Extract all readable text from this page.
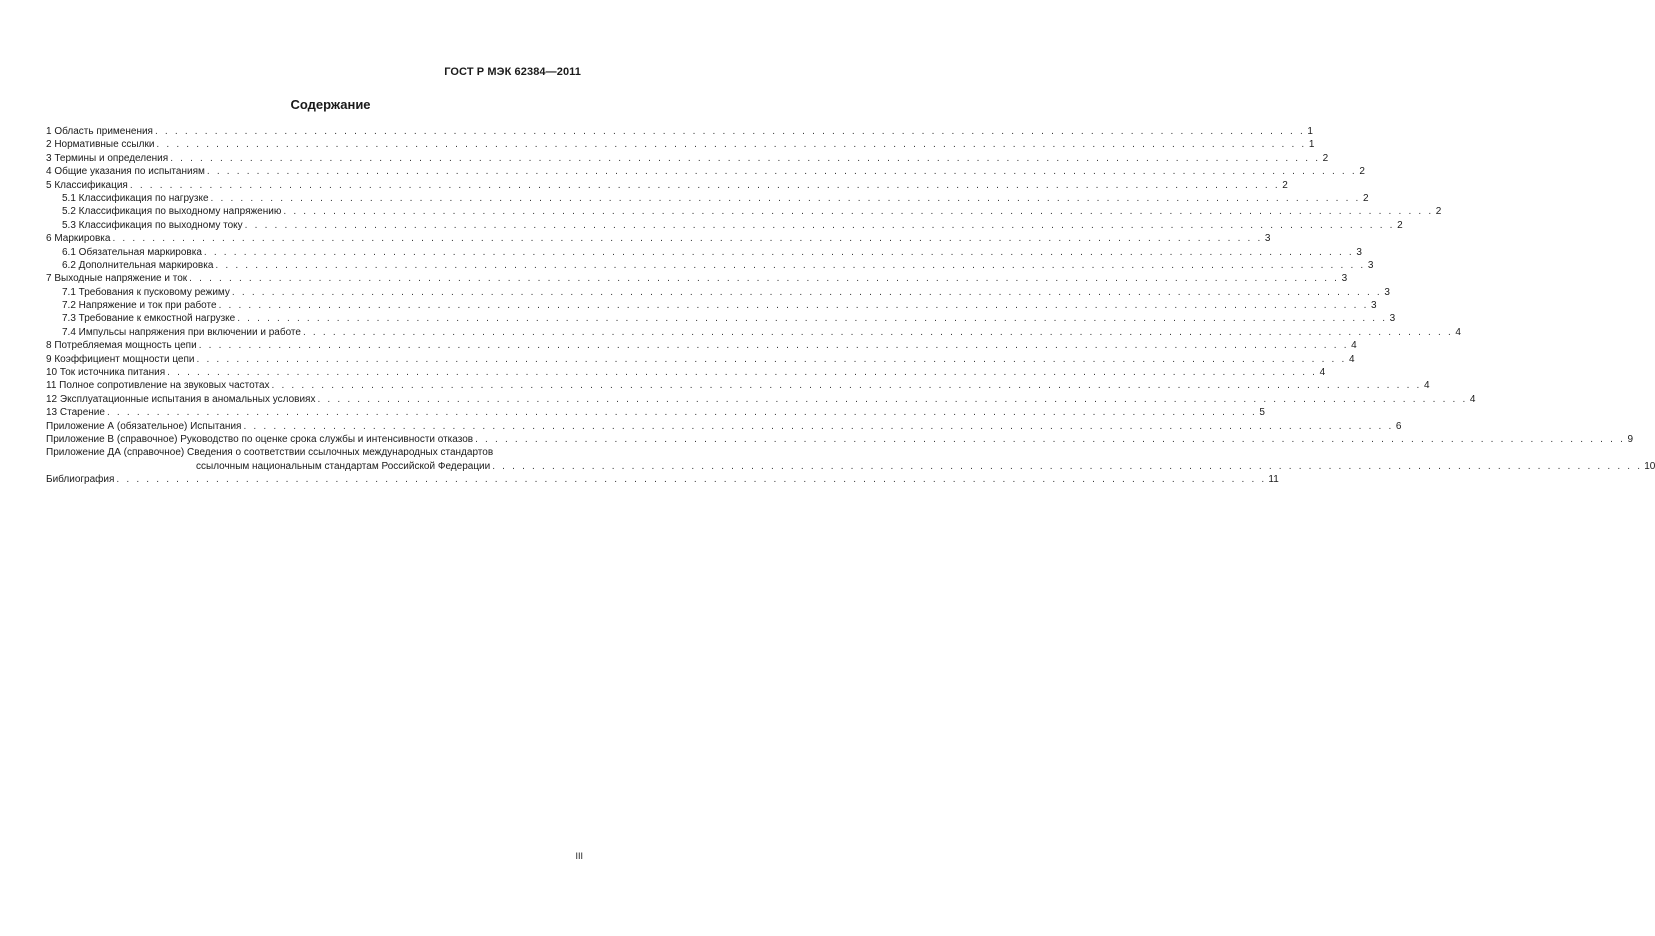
ГОСТ Р МЭК 62384—2011
Содержание
1 Область применения . . .	1
2 Нормативные ссылки . . .	1
3 Термины и определения . . .	2
4 Общие указания по испытаниям . . .	2
5 Классификация . . .	2
5.1 Классификация по нагрузке . . .	2
5.2 Классификация по выходному напряжению . . .	2
5.3 Классификация по выходному току . . .	2
6 Маркировка . . .	3
6.1 Обязательная маркировка . . .	3
6.2 Дополнительная маркировка . . .	3
7 Выходные напряжение и ток . . .	3
7.1 Требования к пусковому режиму . . .	3
7.2 Напряжение и ток при работе . . .	3
7.3 Требование к емкостной нагрузке . . .	3
7.4 Импульсы напряжения при включении и работе . . .	4
8 Потребляемая мощность цепи . . .	4
9 Коэффициент мощности цепи . . .	4
10 Ток источника питания . . .	4
11 Полное сопротивление на звуковых частотах . . .	4
12 Эксплуатационные испытания в аномальных условиях . . .	4
13 Старение . . .	5
Приложение А (обязательное) Испытания . . .	6
Приложение В (справочное) Руководство по оценке срока службы и интенсивности отказов . . .	9
Приложение ДА (справочное) Сведения о соответствии ссылочных международных стандартов
ссылочным национальным стандартам Российской Федерации . . .	10
Библиография . . .	11
III
